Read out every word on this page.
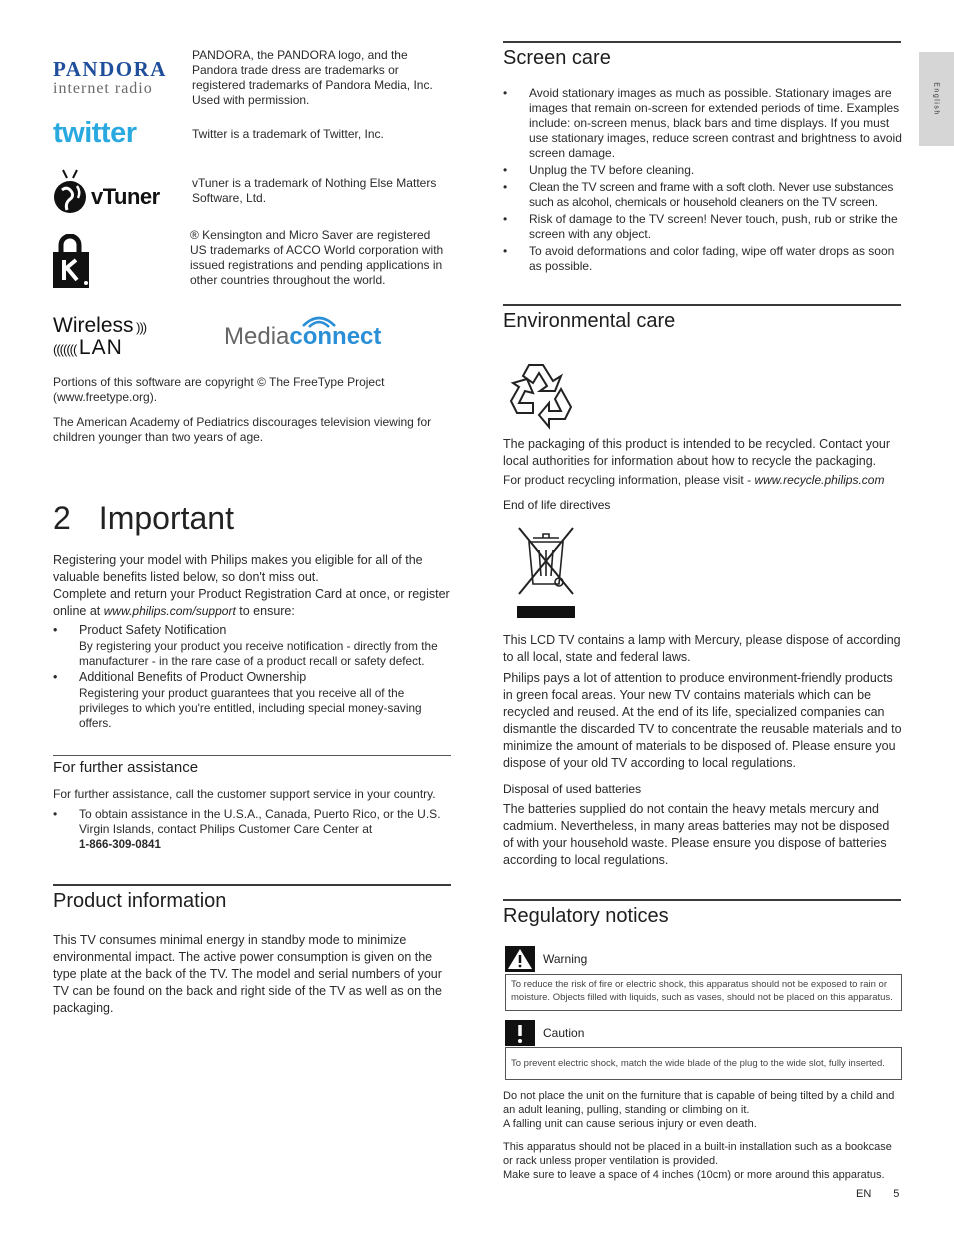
English
PANDORA
internet radio

PANDORA, the PANDORA logo, and the Pandora trade dress are trademarks or registered trademarks of Pandora Media, Inc. Used with permission.

twitter	Twitter is a trademark of Twitter, Inc.

vTuner

vTuner is a trademark of Nothing Else Matters Software, Ltd.

® Kensington and Micro Saver are registered US trademarks of ACCO World corporation with issued registrations and pending applications in other countries throughout the world.

Wireless )))
((((((( LAN	Mediaconnect

Portions of this software are copyright © The FreeType Project (www.freetype.org).

The American Academy of Pediatrics discourages television viewing for children younger than two years of age.

2 Important

Registering your model with Philips makes you eligible for all of the valuable benefits listed below, so don't miss out.

Complete and return your Product Registration Card at once, or register online at www.philips.com/support to ensure:

• Product Safety Notification
By registering your product you receive notification - directly from the manufacturer - in the rare case of a product recall or safety defect.
• Additional Benefits of Product Ownership
Registering your product guarantees that you receive all of the privileges to which you're entitled, including special money-saving offers.
For further assistance

For further assistance, call the customer support service in your country.

• To obtain assistance in the U.S.A., Canada, Puerto Rico, or the U.S. Virgin Islands, contact Philips Customer Care Center at
1-866-309-0841
Product information

This TV consumes minimal energy in standby mode to minimize environmental impact. The active power consumption is given on the type plate at the back of the TV. The model and serial numbers of your TV can be found on the back and right side of the TV as well as on the packaging.

Screen care
• Avoid stationary images as much as possible. Stationary images are images that remain on-screen for extended periods of time. Examples include: on-screen menus, black bars and time displays. If you must use stationary images, reduce screen contrast and brightness to avoid screen damage.
• Unplug the TV before cleaning.
• Clean the TV screen and frame with a soft cloth. Never use substances such as alcohol, chemicals or household cleaners on the TV screen.
• Risk of damage to the TV screen! Never touch, push, rub or strike the screen with any object.
• To avoid deformations and color fading, wipe off water drops as soon as possible.
Environmental care

The packaging of this product is intended to be recycled. Contact your local authorities for information about how to recycle the packaging.

For product recycling information, please visit - www.recycle.philips.com

End of life directives

This LCD TV contains a lamp with Mercury, please dispose of according to all local, state and federal laws.

Philips pays a lot of attention to produce environment-friendly products in green focal areas. Your new TV contains materials which can be recycled and reused. At the end of its life, specialized companies can dismantle the discarded TV to concentrate the reusable materials and to minimize the amount of materials to be disposed of. Please ensure you dispose of your old TV according to local regulations.

Disposal of used batteries

The batteries supplied do not contain the heavy metals mercury and cadmium. Nevertheless, in many areas batteries may not be disposed of with your household waste. Please ensure you dispose of batteries according to local regulations.

Regulatory notices
Warning
To reduce the risk of fire or electric shock, this apparatus should not be exposed to rain or moisture. Objects filled with liquids, such as vases, should not be placed on this apparatus.
Caution
To prevent electric shock, match the wide blade of the plug to the wide slot, fully inserted.

Do not place the unit on the furniture that is capable of being tilted by a child and an adult leaning, pulling, standing or climbing on it.

A falling unit can cause serious injury or even death.

This apparatus should not be placed in a built-in installation such as a bookcase or rack unless proper ventilation is provided.

Make sure to leave a space of 4 inches (10cm) or more around this apparatus.

EN 5
